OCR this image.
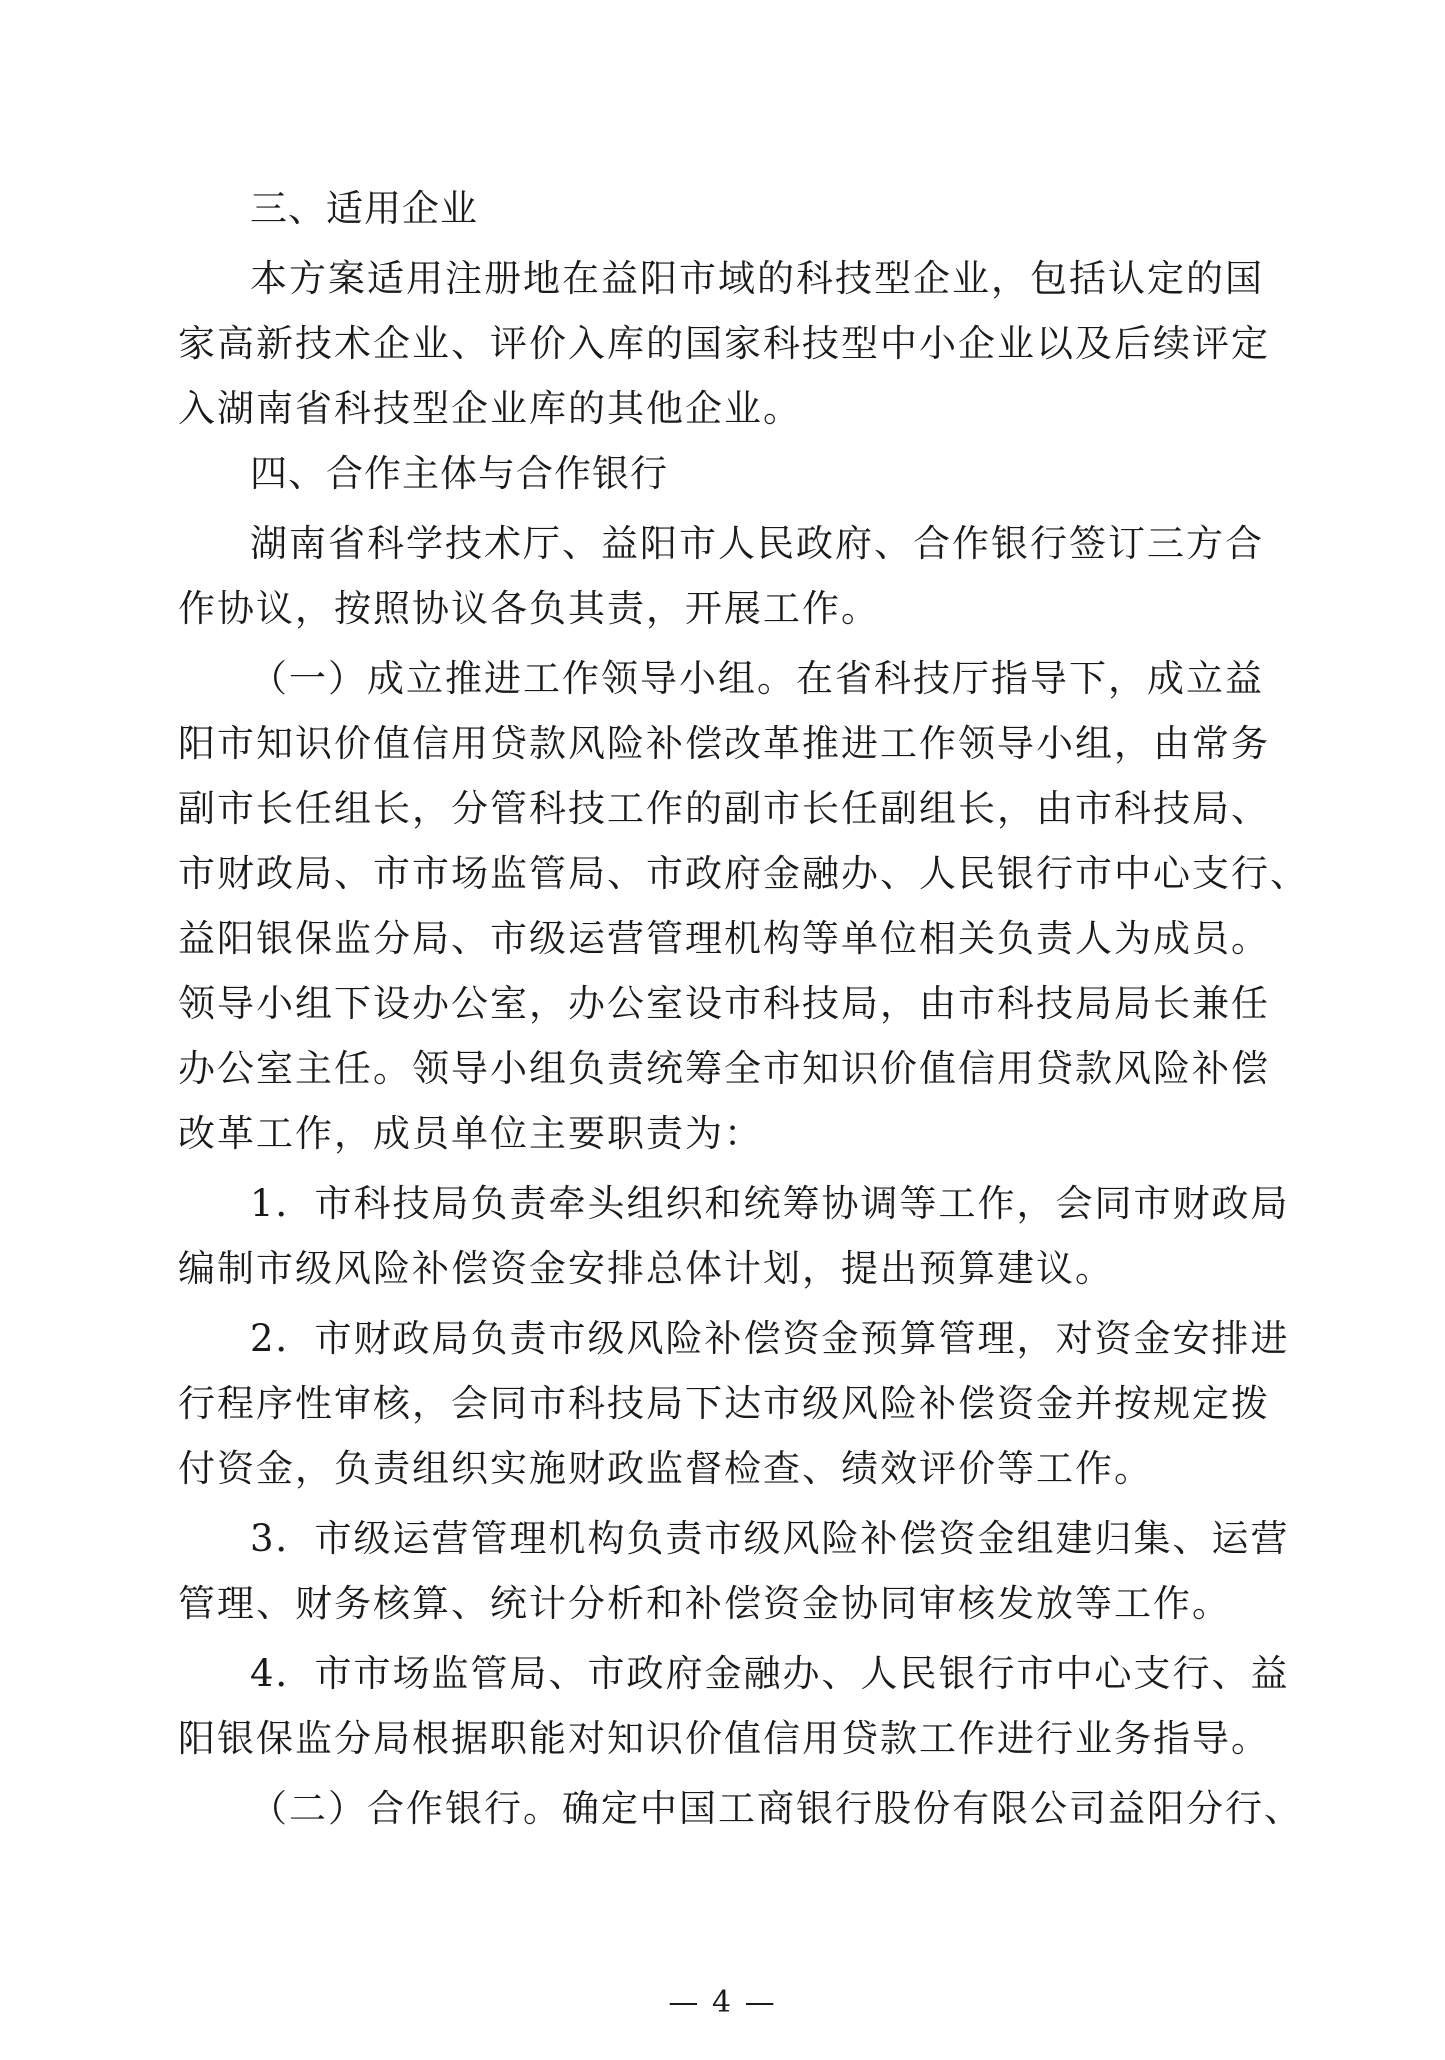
三、适用企业
本方案适用注册地在益阳市域的科技型企业，包括认定的国
家高新技术企业、评价入库的国家科技型中小企业以及后续评定
入湖南省科技型企业库的其他企业。
四、合作主体与合作银行
湖南省科学技术厅、益阳市人民政府、合作银行签订三方合
作协议，按照协议各负其责，开展工作。
（一）成立推进工作领导小组。在省科技厅指导下，成立益
阳市知识价值信用贷款风险补偿改革推进工作领导小组，由常务
副市长任组长，分管科技工作的副市长任副组长，由市科技局、
市财政局、市市场监管局、市政府金融办、人民银行市中心支行、
益阳银保监分局、市级运营管理机构等单位相关负责人为成员。
领导小组下设办公室，办公室设市科技局，由市科技局局长兼任
办公室主任。领导小组负责统筹全市知识价值信用贷款风险补偿
改革工作，成员单位主要职责为：
1．市科技局负责牵头组织和统筹协调等工作，会同市财政局
编制市级风险补偿资金安排总体计划，提出预算建议。
2．市财政局负责市级风险补偿资金预算管理，对资金安排进
行程序性审核，会同市科技局下达市级风险补偿资金并按规定拨
付资金，负责组织实施财政监督检查、绩效评价等工作。
3．市级运营管理机构负责市级风险补偿资金组建归集、运营
管理、财务核算、统计分析和补偿资金协同审核发放等工作。
4．市市场监管局、市政府金融办、人民银行市中心支行、益
阳银保监分局根据职能对知识价值信用贷款工作进行业务指导。
（二）合作银行。确定中国工商银行股份有限公司益阳分行、
— 4 —
